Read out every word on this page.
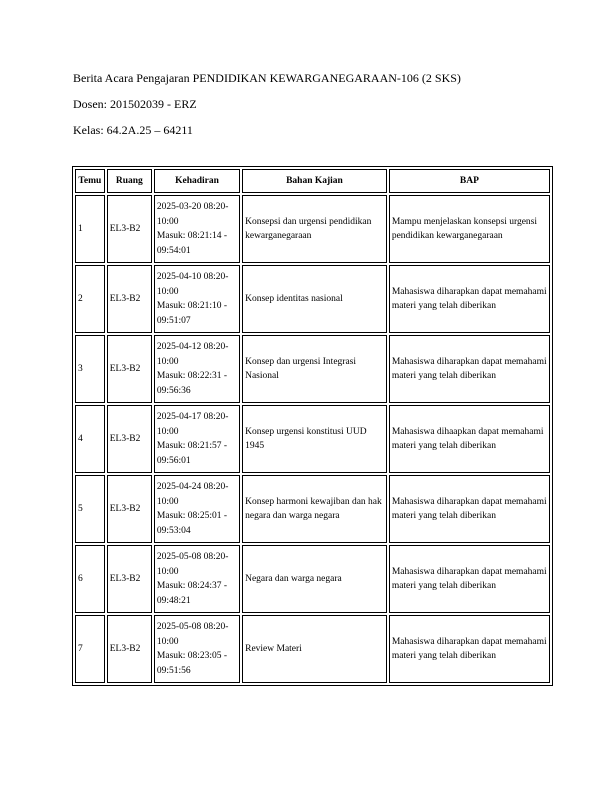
Berita Acara Pengajaran PENDIDIKAN KEWARGANEGARAAN-106 (2 SKS)
Dosen: 201502039 - ERZ
Kelas: 64.2A.25 – 64211
Temu	Ruang	Kehadiran	Bahan Kajian	BAP
1	EL3-B2	2025-03-20 08:20-
10:00
Masuk: 08:21:14 -
09:54:01	Konsepsi dan urgensi pendidikan kewarganegaraan	Mampu menjelaskan konsepsi urgensi pendidikan kewarganegaraan
2	EL3-B2	2025-04-10 08:20-
10:00
Masuk: 08:21:10 -
09:51:07	Konsep identitas nasional	Mahasiswa diharapkan dapat memahami materi yang telah diberikan
3	EL3-B2	2025-04-12 08:20-
10:00
Masuk: 08:22:31 -
09:56:36	Konsep dan urgensi Integrasi Nasional	Mahasiswa diharapkan dapat memahami materi yang telah diberikan
4	EL3-B2	2025-04-17 08:20-
10:00
Masuk: 08:21:57 -
09:56:01	Konsep urgensi konstitusi UUD 1945	Mahasiswa dihaapkan dapat memahami materi yang telah diberikan
5	EL3-B2	2025-04-24 08:20-
10:00
Masuk: 08:25:01 -
09:53:04	Konsep harmoni kewajiban dan hak negara dan warga negara	Mahasiswa diharapkan dapat memahami materi yang telah diberikan
6	EL3-B2	2025-05-08 08:20-
10:00
Masuk: 08:24:37 -
09:48:21	Negara dan warga negara	Mahasiswa diharapkan dapat memahami materi yang telah diberikan
7	EL3-B2	2025-05-08 08:20-
10:00
Masuk: 08:23:05 -
09:51:56	Review Materi	Mahasiswa diharapkan dapat memahami materi yang telah diberikan
